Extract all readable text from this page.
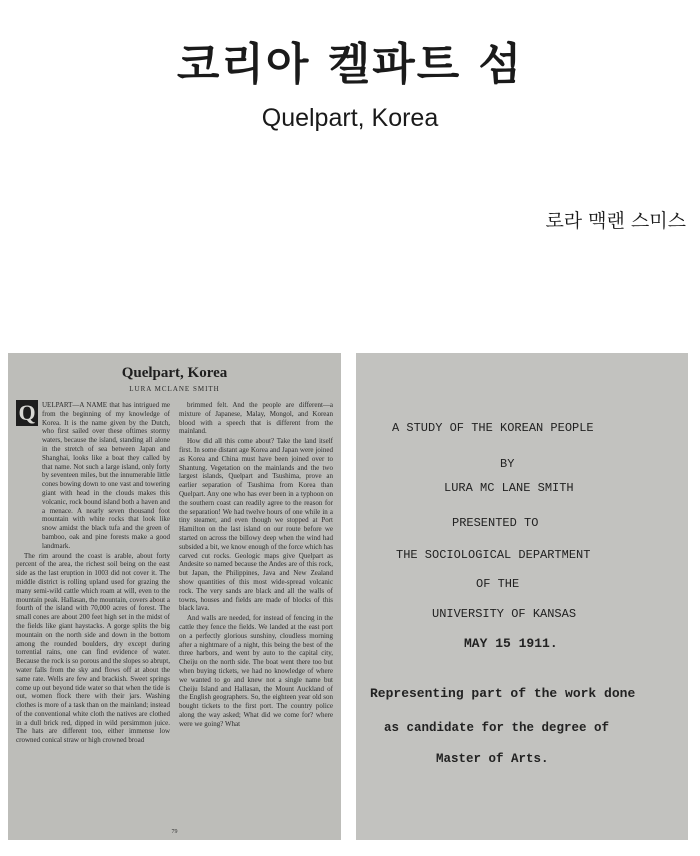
코리아 켈파트 섬
Quelpart, Korea
로라 맥랜 스미스
Quelpart, Korea
LURA MCLANE SMITH
Q UELPART—A NAME that has intrigued me from the beginning of my knowledge of Korea. It is the name given by the Dutch, who first sailed over these oftimes stormy waters, because the island, standing all alone in the stretch of sea between Japan and Shanghai, looks like a boat they called by that name. Not such a large island, only forty by seventeen miles, but the innumerable little cones bowing down to one vast and towering giant with head in the clouds makes this volcanic, rock bound island both a haven and a menace. A nearly seven thousand foot mountain with white rocks that look like snow amidst the black tufa and the green of bamboo, oak and pine forests make a good landmark.

The rim around the coast is arable, about forty percent of the area, the richest soil being on the east side as the last eruption in 1003 did not cover it. The middle district is rolling upland used for grazing the many semi-wild cattle which roam at will, even to the mountain peak. Hallasan, the mountain, covers about a fourth of the island with 70,000 acres of forest. The small cones are about 200 feet high set in the midst of the fields like giant haystacks. A gorge splits the big mountain on the north side and down in the bottom among the rounded boulders, dry except during torrential rains, one can find evidence of water. Because the rock is so porous and the slopes so abrupt, water falls from the sky and flows off at about the same rate. Wells are few and brackish. Sweet springs come up out beyond tide water so that when the tide is out, women flock there with their jars. Washing clothes is more of a task than on the mainland; instead of the conventional white cloth the natives are clothed in a dull brick red, dipped in wild persimmon juice. The hats are different too, either immense low crowned conical straw or high crowned broad

brimmed felt. And the people are different—a mixture of Japanese, Malay, Mongol, and Korean blood with a speech that is different from the mainland.

How did all this come about? Take the land itself first. In some distant age Korea and Japan were joined as Korea and China must have been joined over to Shantung. Vegetation on the mainlands and the two largest islands, Quelpart and Tsushima, prove an earlier separation of Tsushima from Korea than Quelpart. Any one who has ever been in a typhoon on the southern coast can readily agree to the reason for the separation! We had twelve hours of one while in a tiny steamer, and even though we stopped at Port Hamilton on the last island on our route before we started on across the billowy deep when the wind had subsided a bit, we know enough of the force which has carved cut rocks. Geologic maps give Quelpart as Andesite so named because the Andes are of this rock, but Japan, the Philippines, Java and New Zealand show quantities of this most wide-spread volcanic rock. The very sands are black and all the walls of towns, houses and fields are made of blocks of this black lava.

And walls are needed, for instead of fencing in the cattle they fence the fields. We landed at the east port on a perfectly glorious sunshiny, cloudless morning after a nightmare of a night, this being the best of the three harbors, and went by auto to the capital city, Cheiju on the north side. The boat went there too but when buying tickets, we had no knowledge of where we wanted to go and knew not a single name but Cheiju Island and Hallasan, the Mount Auckland of the English geographers. So, the eighteen year old son bought tickets to the first port. The country police along the way asked; What did we come for? where were we going? What

79
A STUDY OF THE KOREAN PEOPLE
BY
LURA MC LANE SMITH
PRESENTED TO
THE SOCIOLOGICAL DEPARTMENT
OF THE
UNIVERSITY OF KANSAS
MAY 15 1911.
Representing part of the work done
as candidate for the degree of
Master of Arts.
